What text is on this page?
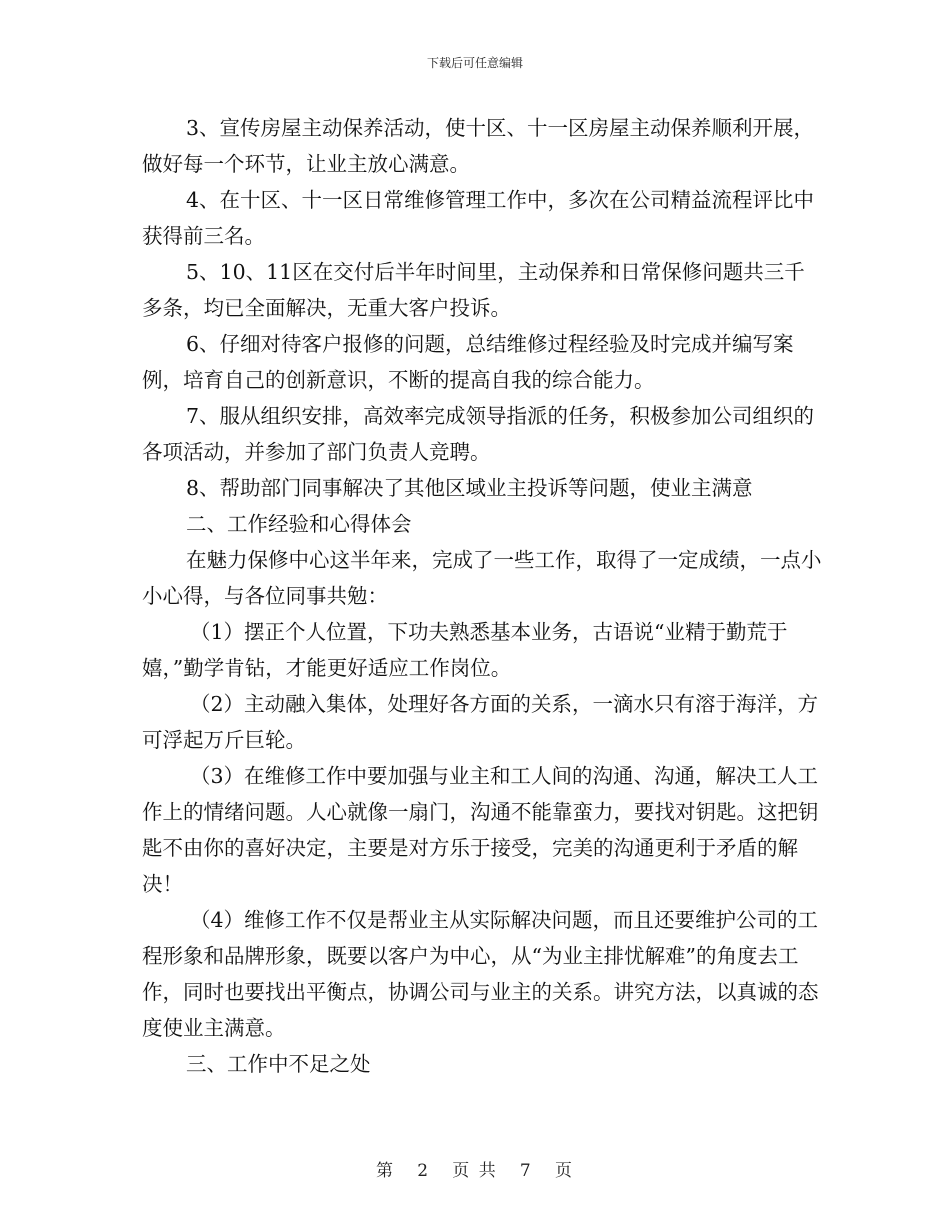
下载后可任意编辑

3、宣传房屋主动保养活动，使十区、十一区房屋主动保养顺利开展，做好每一个环节，让业主放心满意。

4、在十区、十一区日常维修管理工作中，多次在公司精益流程评比中获得前三名。

5、10、11区在交付后半年时间里，主动保养和日常保修问题共三千多条，均已全面解决，无重大客户投诉。

6、仔细对待客户报修的问题，总结维修过程经验及时完成并编写案例，培育自己的创新意识，不断的提高自我的综合能力。

7、服从组织安排，高效率完成领导指派的任务，积极参加公司组织的各项活动，并参加了部门负责人竞聘。

8、帮助部门同事解决了其他区域业主投诉等问题，使业主满意

二、工作经验和心得体会

在魅力保修中心这半年来，完成了一些工作，取得了一定成绩，一点小小心得，与各位同事共勉：

（1）摆正个人位置，下功夫熟悉基本业务，古语说“业精于勤荒于嬉，”勤学肯钻，才能更好适应工作岗位。

（2）主动融入集体，处理好各方面的关系，一滴水只有溶于海洋，方可浮起万斤巨轮。

（3）在维修工作中要加强与业主和工人间的沟通、沟通，解决工人工作上的情绪问题。人心就像一扇门，沟通不能靠蛮力，要找对钥匙。这把钥匙不由你的喜好决定，主要是对方乐于接受，完美的沟通更利于矛盾的解决！

（4）维修工作不仅是帮业主从实际解决问题，而且还要维护公司的工程形象和品牌形象，既要以客户为中心，从“为业主排忧解难”的角度去工作，同时也要找出平衡点，协调公司与业主的关系。讲究方法，以真诚的态度使业主满意。

三、工作中不足之处

第 2 页 共 7 页
